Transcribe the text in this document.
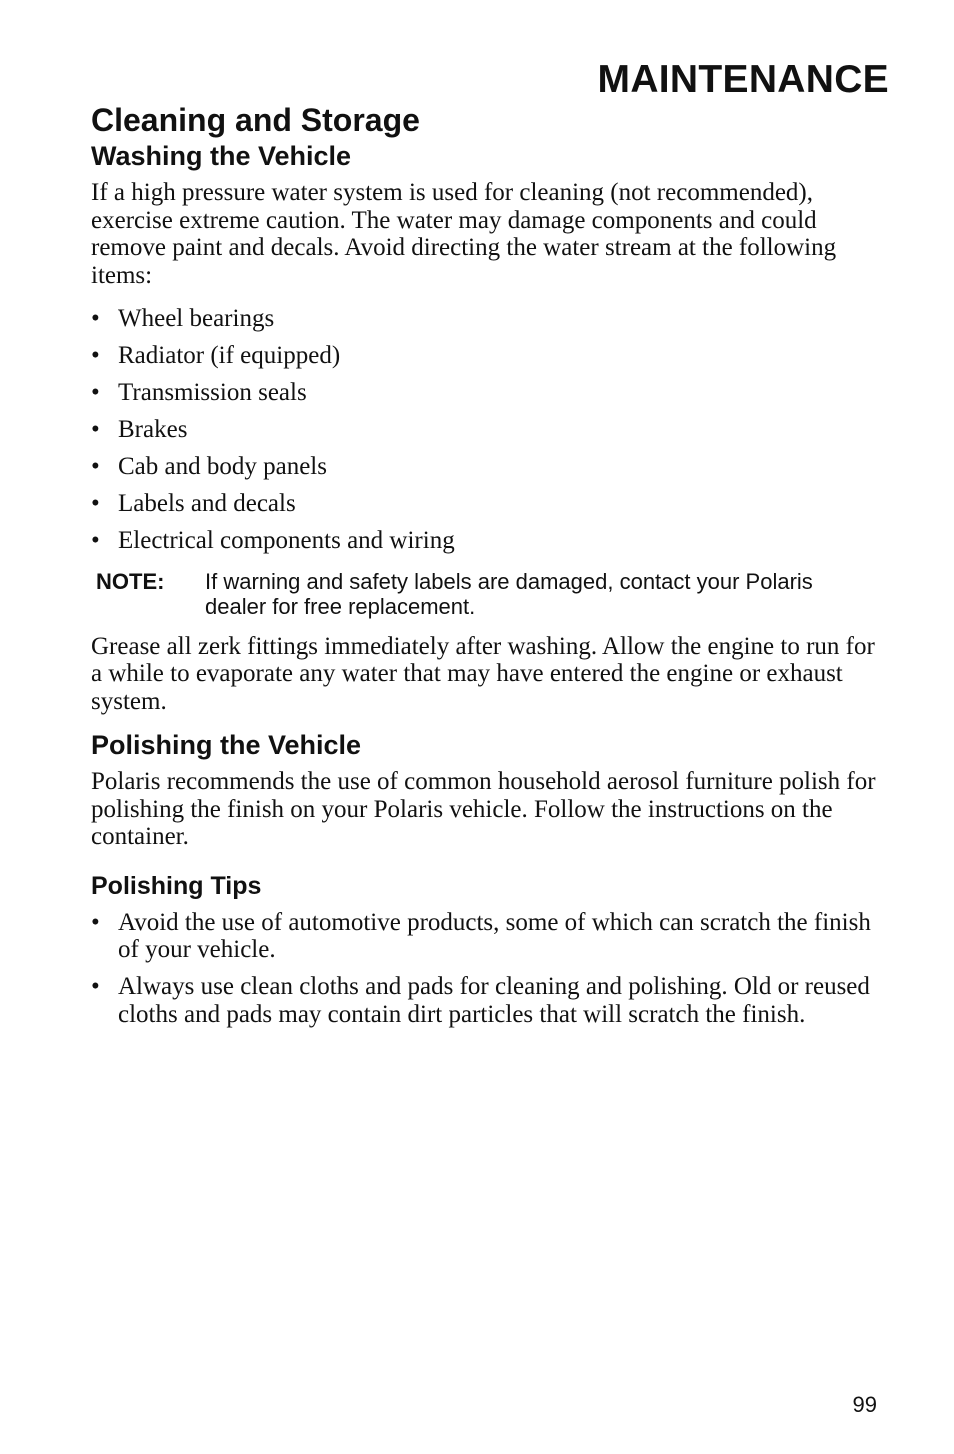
MAINTENANCE
Cleaning and Storage
Washing the Vehicle

If a high pressure water system is used for cleaning (not recommended), exercise extreme caution. The water may damage components and could remove paint and decals. Avoid directing the water stream at the following items:

• Wheel bearings
• Radiator (if equipped)
• Transmission seals
• Brakes
• Cab and body panels
• Labels and decals
• Electrical components and wiring
NOTE:	If warning and safety labels are damaged, contact your Polaris dealer for free replacement.

Grease all zerk fittings immediately after washing. Allow the engine to run for a while to evaporate any water that may have entered the engine or exhaust system.

Polishing the Vehicle

Polaris recommends the use of common household aerosol furniture polish for polishing the finish on your Polaris vehicle. Follow the instructions on the container.

Polishing Tips
• Avoid the use of automotive products, some of which can scratch the finish of your vehicle.
• Always use clean cloths and pads for cleaning and polishing. Old or reused cloths and pads may contain dirt particles that will scratch the finish.
99
